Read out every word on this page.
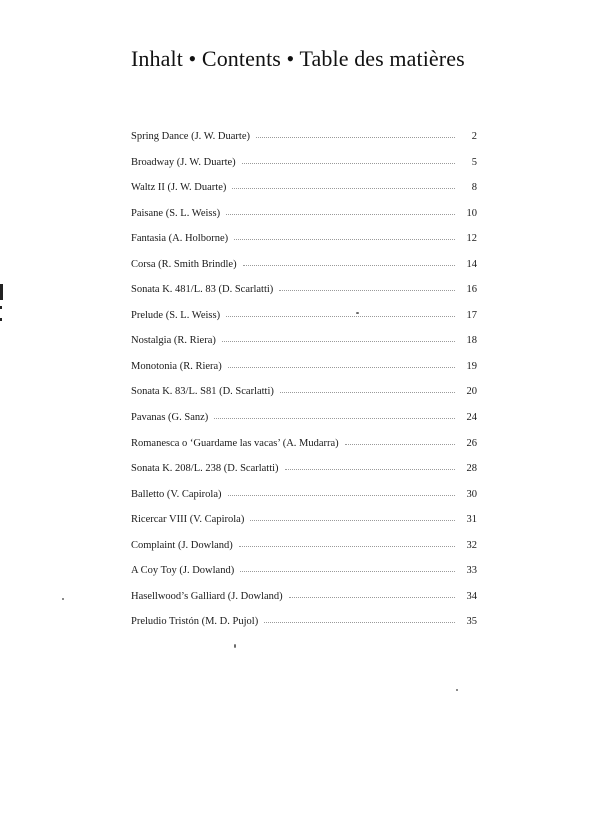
Inhalt • Contents • Table des matières
Spring Dance (J. W. Duarte)	2
Broadway (J. W. Duarte)	5
Waltz II (J. W. Duarte)	8
Paisane (S. L. Weiss)	10
Fantasia (A. Holborne)	12
Corsa (R. Smith Brindle)	14
Sonata K. 481/L. 83 (D. Scarlatti)	16
Prelude (S. L. Weiss)	17
Nostalgia (R. Riera)	18
Monotonia (R. Riera)	19
Sonata K. 83/L. S81 (D. Scarlatti)	20
Pavanas (G. Sanz)	24
Romanesca o ‘Guardame las vacas’ (A. Mudarra)	26
Sonata K. 208/L. 238 (D. Scarlatti)	28
Balletto (V. Capirola)	30
Ricercar VIII (V. Capirola)	31
Complaint (J. Dowland)	32
A Coy Toy (J. Dowland)	33
Hasellwood’s Galliard (J. Dowland)	34
Preludio Tristón (M. D. Pujol)	35
